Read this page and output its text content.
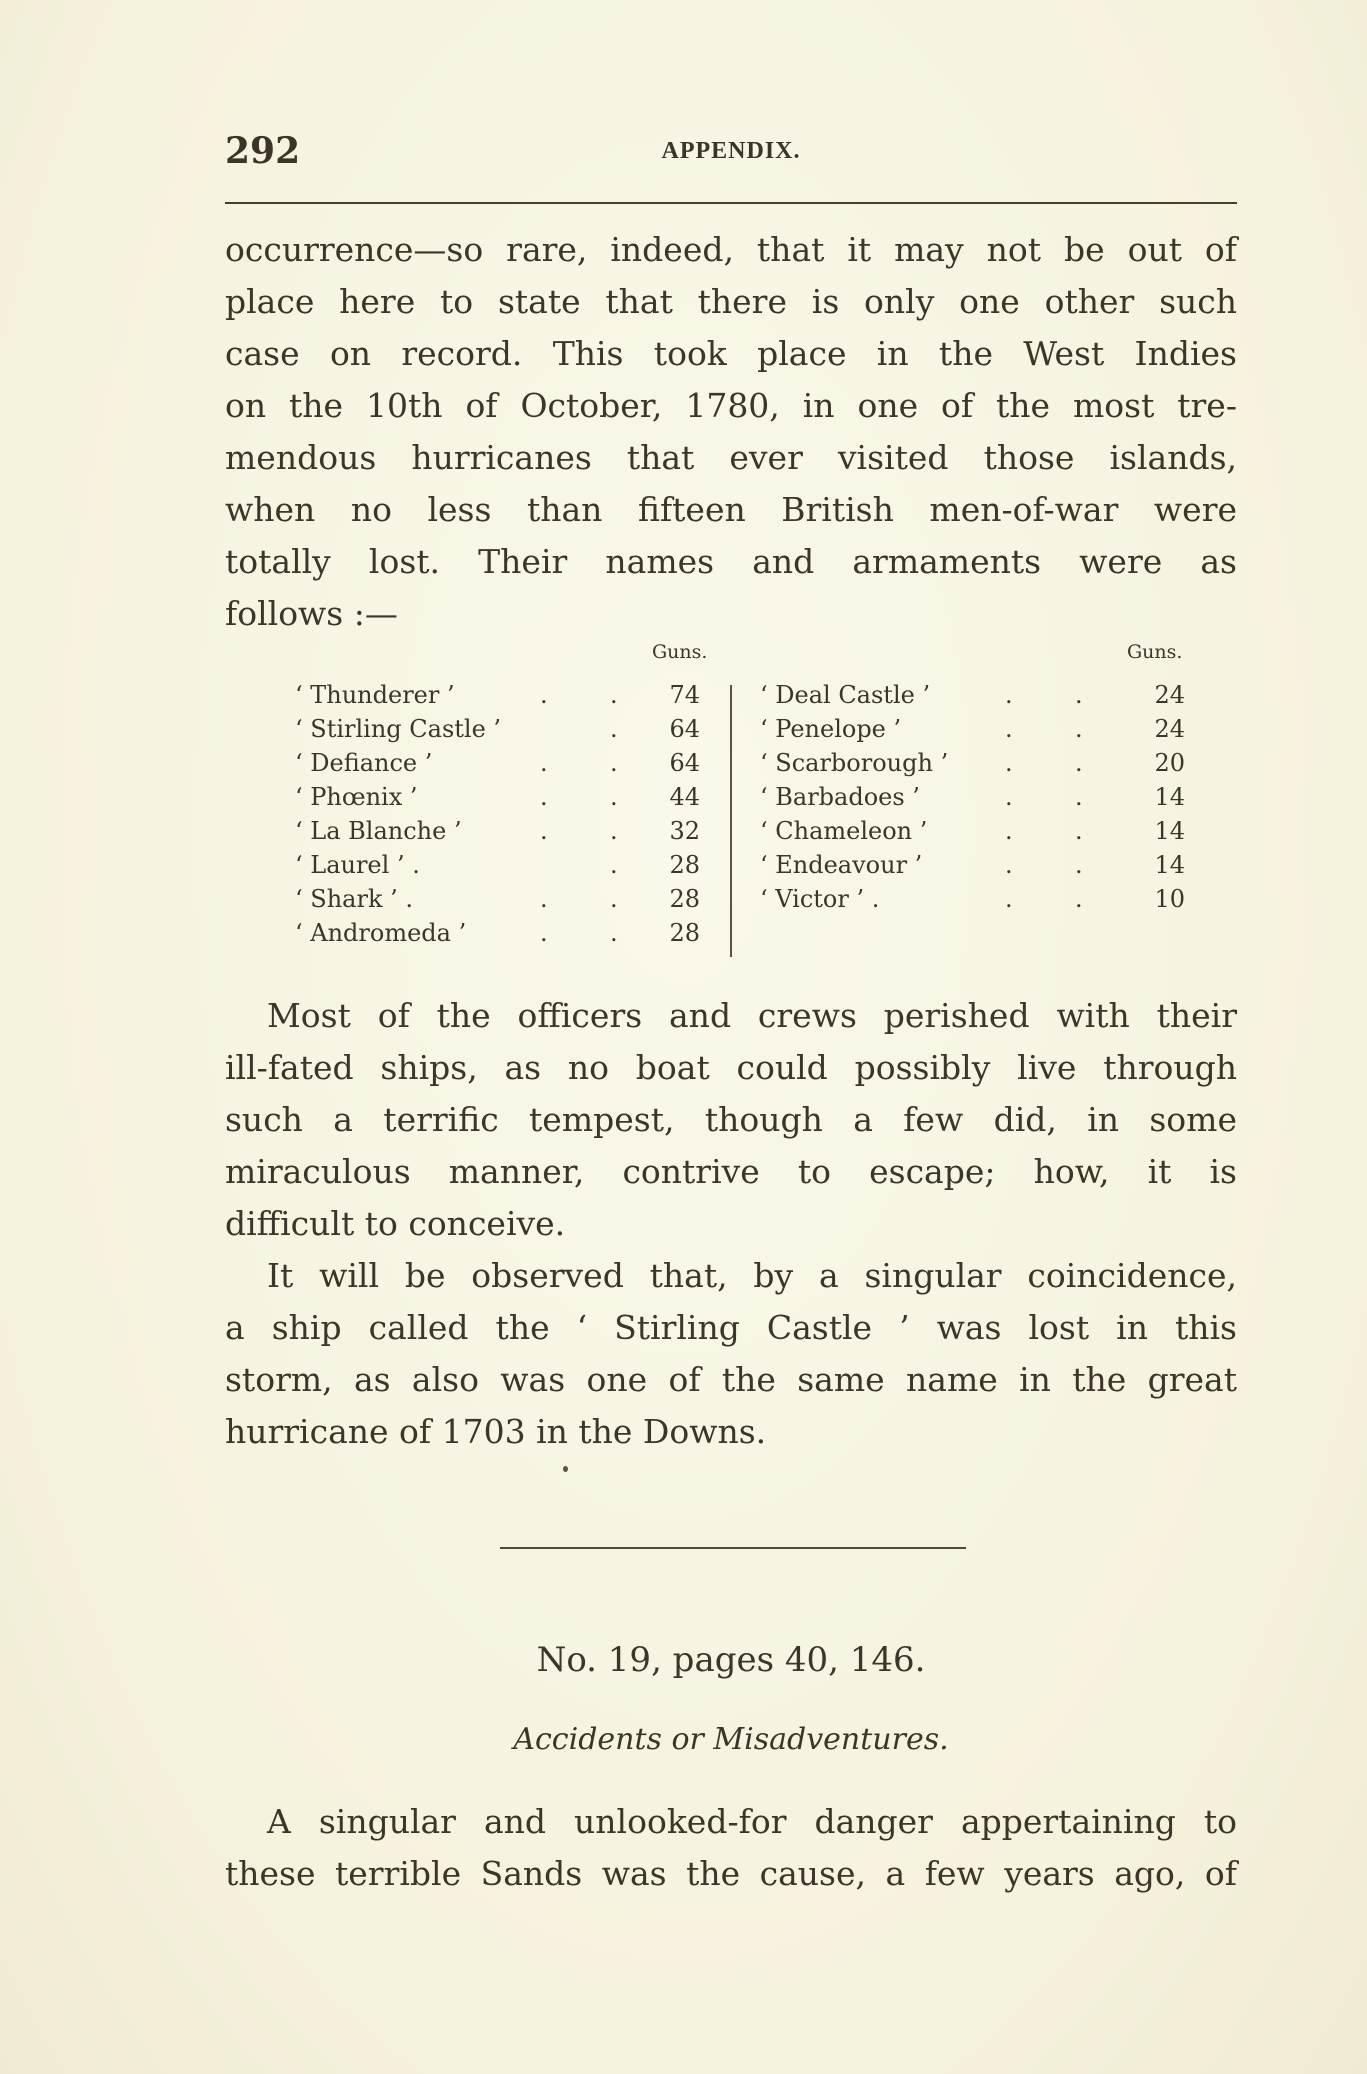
292	APPENDIX.
occurrence—so rare, indeed, that it may not be out of
place here to state that there is only one other such
case on record. This took place in the West Indies
on the 10th of October, 1780, in one of the most tre-
mendous hurricanes that ever visited those islands,
when no less than fifteen British men-of-war were
totally lost. Their names and armaments were as
follows :—
Guns.
‘ Thunderer ’	.	.	74
‘ Stirling Castle ’	.	64
‘ Defiance ’	.	.	64
‘ Phœnix ’	.	.	44
‘ La Blanche ’	.	.	32
‘ Laurel ’ .	.	28
‘ Shark ’ .	.	.	28
‘ Andromeda ’	.	.	28
Guns.
‘ Deal Castle ’	.	.	24
‘ Penelope ’	.	.	24
‘ Scarborough ’ .	.	20
‘ Barbadoes ’	.	.	14
‘ Chameleon ’	.	.	14
‘ Endeavour ’	.	.	14
‘ Victor ’ .	.	.	10
Most of the officers and crews perished with their
ill-fated ships, as no boat could possibly live through
such a terrific tempest, though a few did, in some
miraculous manner, contrive to escape; how, it is
difficult to conceive.
It will be observed that, by a singular coincidence,
a ship called the ‘ Stirling Castle ’ was lost in this
storm, as also was one of the same name in the great
hurricane of 1703 in the Downs.
No. 19, pages 40, 146.
Accidents or Misadventures.
A singular and unlooked-for danger appertaining to
these terrible Sands was the cause, a few years ago, of
